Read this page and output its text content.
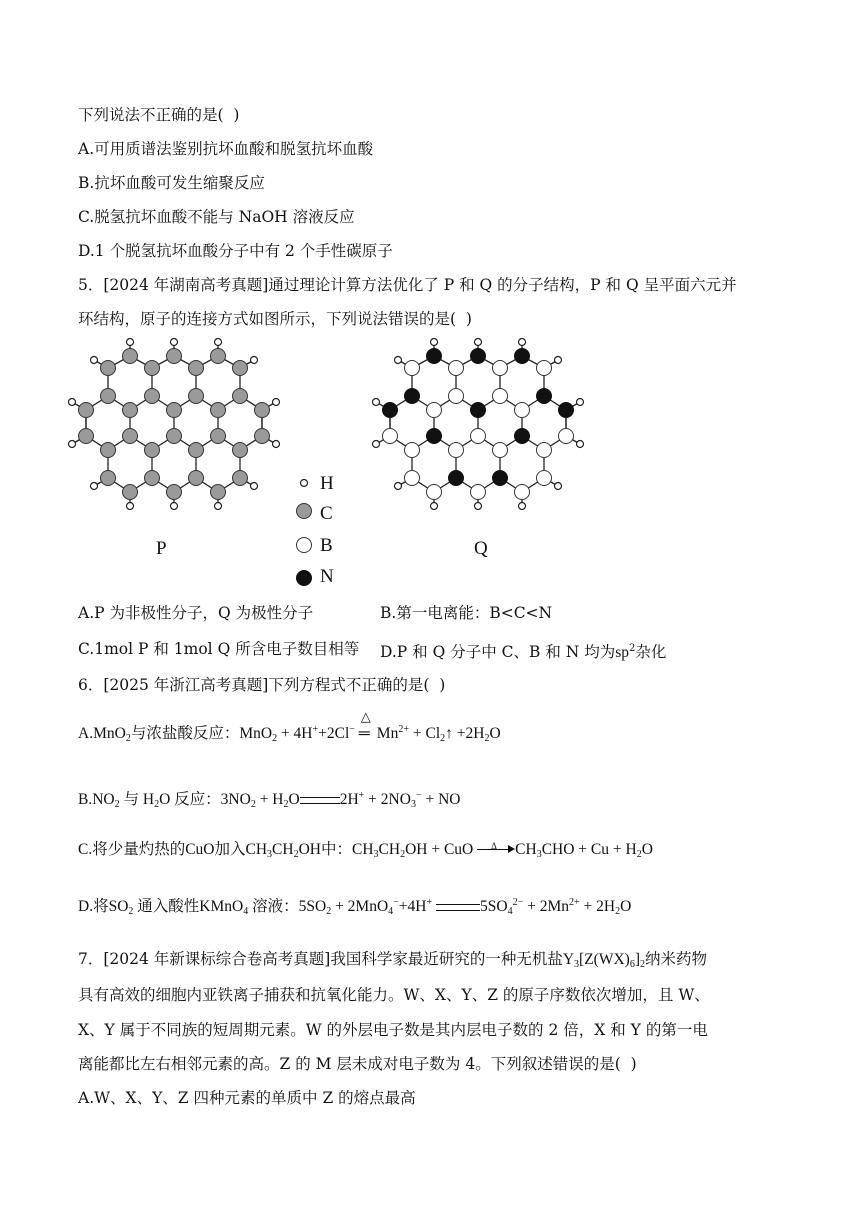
下列说法不正确的是(  )
A.可用质谱法鉴别抗坏血酸和脱氢抗坏血酸
B.抗坏血酸可发生缩聚反应
C.脱氢抗坏血酸不能与 NaOH 溶液反应
D.1 个脱氢抗坏血酸分子中有 2 个手性碳原子
5．[2024 年湖南高考真题]通过理论计算方法优化了 P 和 Q 的分子结构，P 和 Q 呈平面六元并
环结构，原子的连接方式如图所示，下列说法错误的是(  )
P
H
C
B
N
Q
A.P 为非极性分子，Q 为极性分子	B.第一电离能：B<C<N
C.1mol P 和 1mol Q 所含电子数目相等 D.P 和 Q 分子中 C、B 和 N 均为$sp^2$杂化
6．[2025 年浙江高考真题]下列方程式不正确的是(  )
A.MnO$_2$与浓盐酸反应：MnO$_2$ + 4H++2Cl−
△
═ $Mn^{2+}$ + $Cl_2↑ +2H_2O$
$B.NO_2$ 与 $H_2O$ 反应：$3NO_2 + H_2O$	$2H^+ + 2NO_3^-$ + NO
C.将少量灼热的CuO加入$CH_3CH_2OH$中：$CH_3CH_2OH$ + CuO Δ $CH_3CHO + Cu + H_2O$
D.将$SO_2$ 通入酸性KMnO$_4$ 溶液：$5SO_2 + 2MnO_4^-+4H^+$	$5SO_4^{2-} + 2Mn^{2+} + 2H_2O$
7．[2024 年新课标综合卷高考真题]我国科学家最近研究的一种无机盐$Y_3[Z(WX)_6]_2$纳米药物
具有高效的细胞内亚铁离子捕获和抗氧化能力。W、X、Y、Z 的原子序数依次增加，且 W、
X、Y 属于不同族的短周期元素。W 的外层电子数是其内层电子数的 2 倍，X 和 Y 的第一电
离能都比左右相邻元素的高。Z 的 M 层未成对电子数为 4。下列叙述错误的是(  )
A.W、X、Y、Z 四种元素的单质中 Z 的熔点最高
